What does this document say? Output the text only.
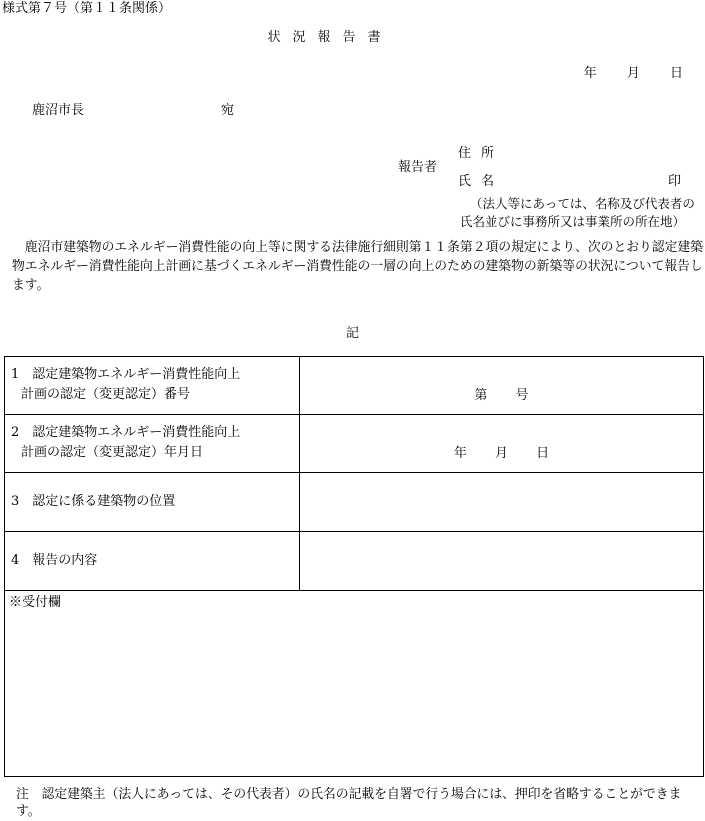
様式第７号（第１１条関係）
状況報告書
年 月 日
鹿沼市長	宛
報告者
住所
氏名	印
（法人等にあっては、名称及び代表者の
氏名並びに事務所又は事業所の所在地）
鹿沼市建築物のエネルギー消費性能の向上等に関する法律施行細則第１１条第２項の規定により、次のとおり認定建築物エネルギー消費性能向上計画に基づくエネルギー消費性能の一層の向上のための建築物の新築等の状況について報告します。
記
1　認定建築物エネルギー消費性能向上
計画の認定（変更認定）番号	第 号

2　認定建築物エネルギー消費性能向上
計画の認定（変更認定）年月日	年 月 日

3　認定に係る建築物の位置	

4　報告の内容	

※受付欄	
注　認定建築主（法人にあっては、その代表者）の氏名の記載を自署で行う場合には、押印を省略することができます。
